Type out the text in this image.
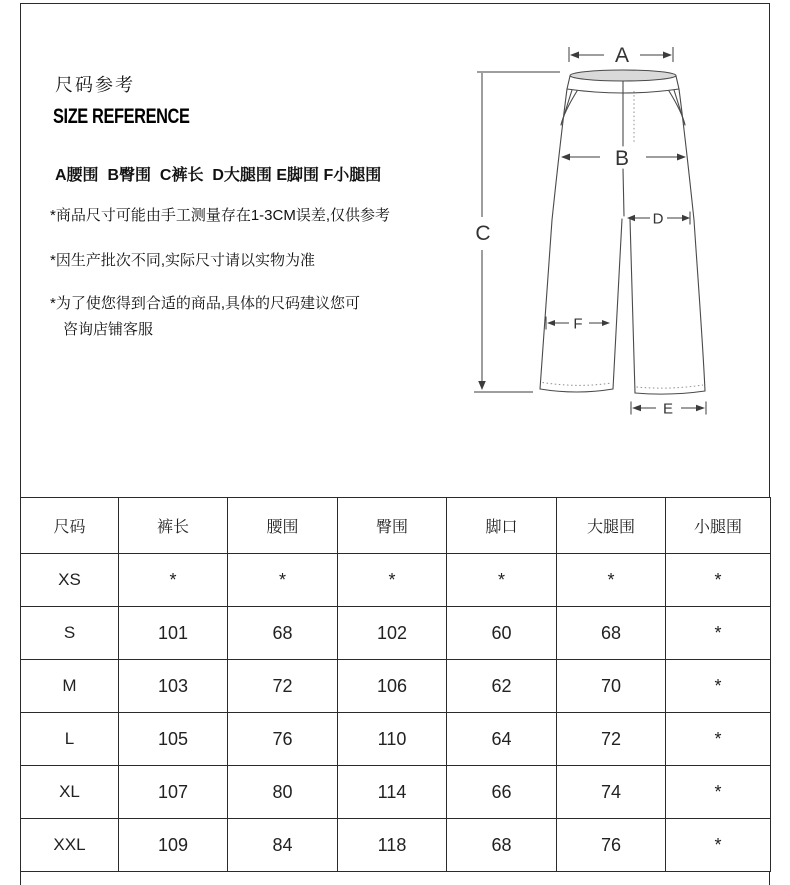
尺码参考
SIZE REFERENCE
A腰围  B臀围  C裤长  D大腿围 E脚围 F小腿围
*商品尺寸可能由手工测量存在1-3CM误差,仅供参考
*因生产批次不同,实际尺寸请以实物为准
*为了使您得到合适的商品,具体的尺码建议您可
咨询店铺客服
A
B
C
D
F
E
尺码	裤长	腰围	臀围	脚口	大腿围	小腿围
XS	*	*	*	*	*	*
S	101	68	102	60	68	*
M	103	72	106	62	70	*
L	105	76	110	64	72	*
XL	107	80	114	66	74	*
XXL	109	84	118	68	76	*
